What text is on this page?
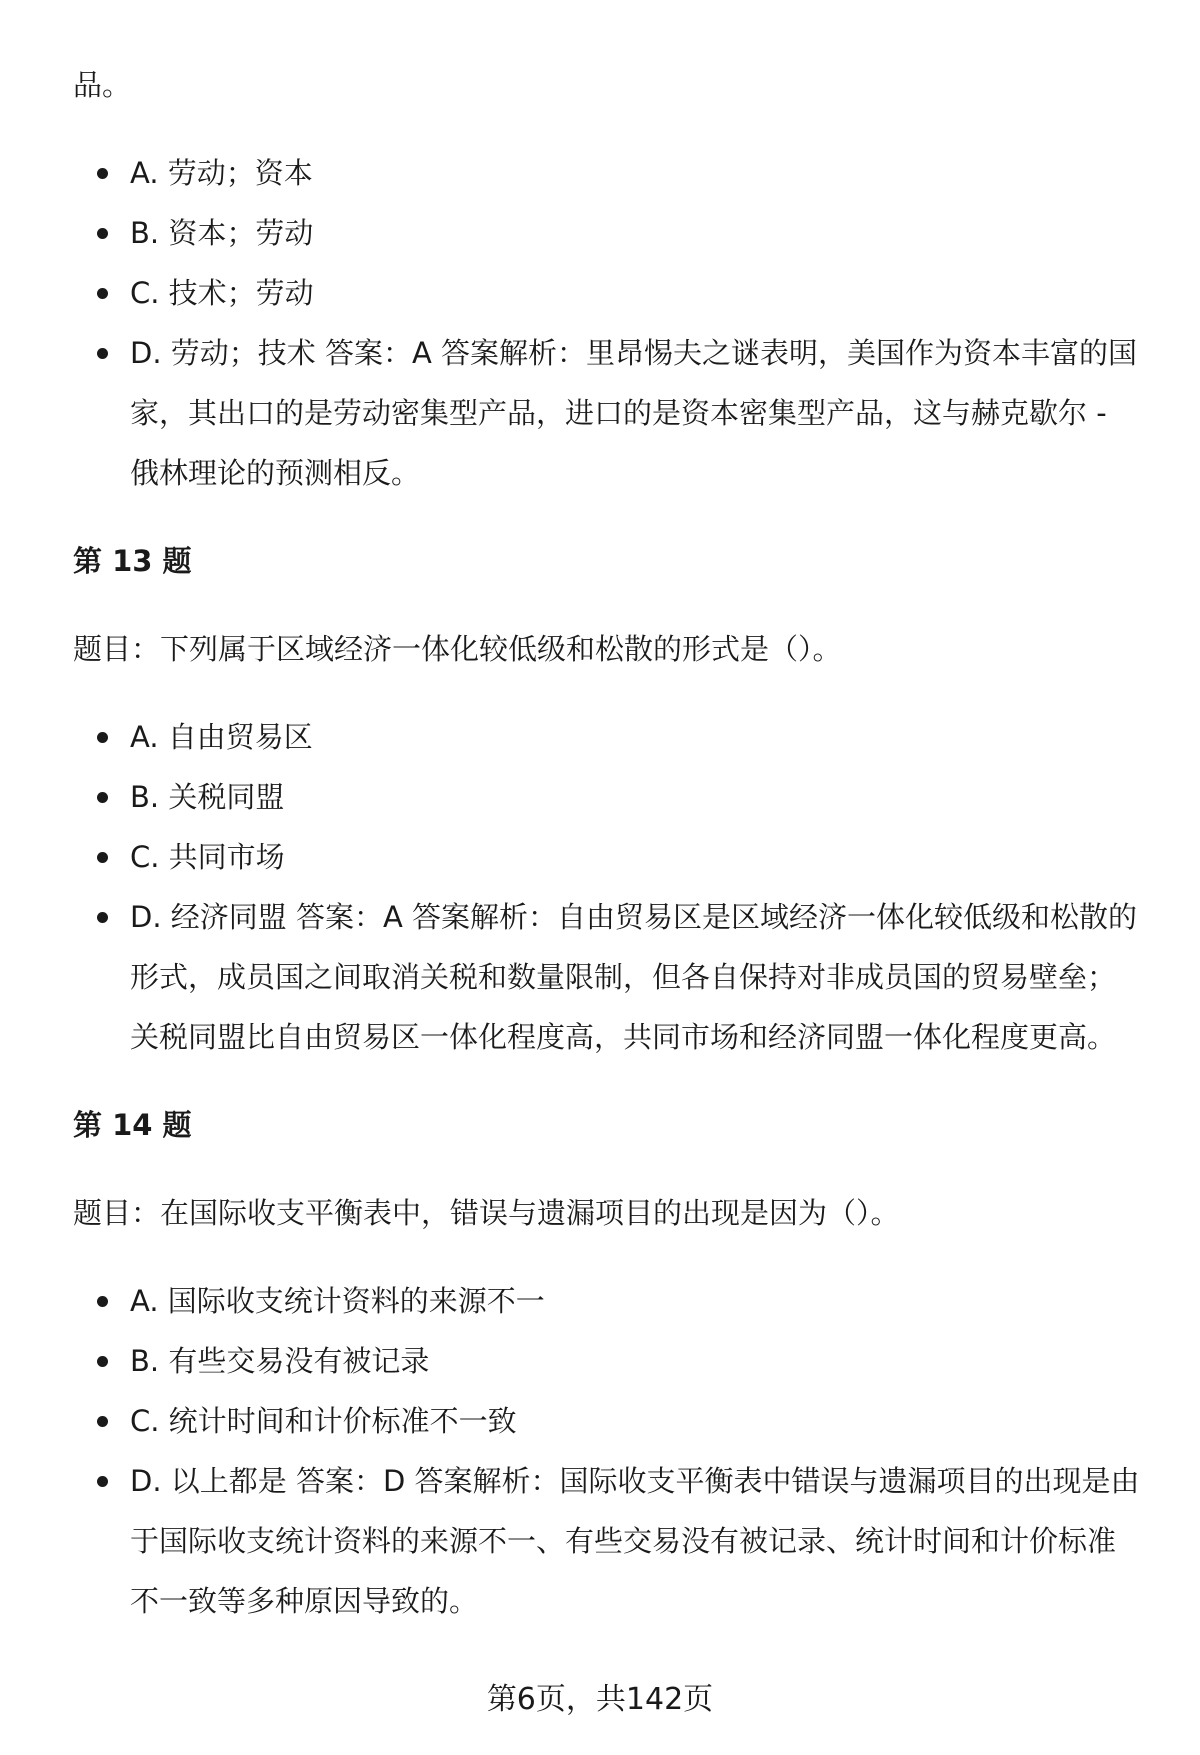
品。

A. 劳动；资本
B. 资本；劳动
C. 技术；劳动
D. 劳动；技术 答案：A 答案解析：里昂惕夫之谜表明，美国作为资本丰富的国家，其出口的是劳动密集型产品，进口的是资本密集型产品，这与赫克歇尔 - 俄林理论的预测相反。
第 13 题

题目：下列属于区域经济一体化较低级和松散的形式是（）。

A. 自由贸易区
B. 关税同盟
C. 共同市场
D. 经济同盟 答案：A 答案解析：自由贸易区是区域经济一体化较低级和松散的形式，成员国之间取消关税和数量限制，但各自保持对非成员国的贸易壁垒；关税同盟比自由贸易区一体化程度高，共同市场和经济同盟一体化程度更高。
第 14 题

题目：在国际收支平衡表中，错误与遗漏项目的出现是因为（）。

A. 国际收支统计资料的来源不一
B. 有些交易没有被记录
C. 统计时间和计价标准不一致
D. 以上都是 答案：D 答案解析：国际收支平衡表中错误与遗漏项目的出现是由于国际收支统计资料的来源不一、有些交易没有被记录、统计时间和计价标准不一致等多种原因导致的。
第6页，共142页
